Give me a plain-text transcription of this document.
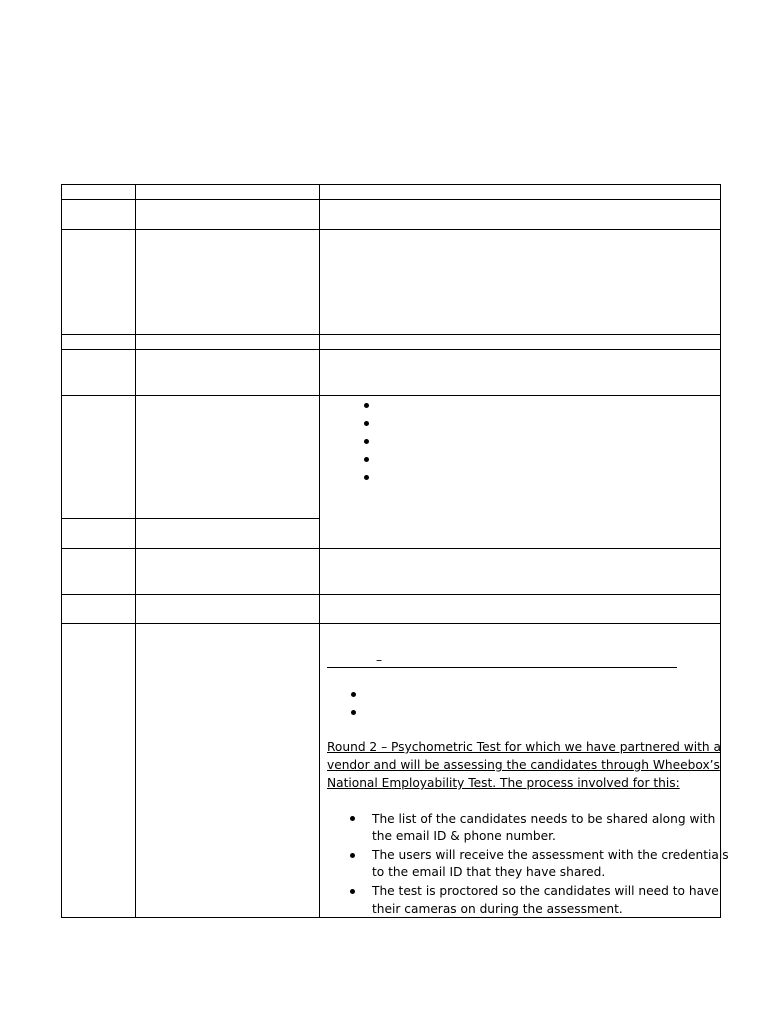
–
Round 2 – Psychometric Test for which we have partnered with a
vendor and will be assessing the candidates through Wheebox’s
National Employability Test. The process involved for this:
The list of the candidates needs to be shared along with
the email ID & phone number.
The users will receive the assessment with the credentials
to the email ID that they have shared.
The test is proctored so the candidates will need to have
their cameras on during the assessment.
